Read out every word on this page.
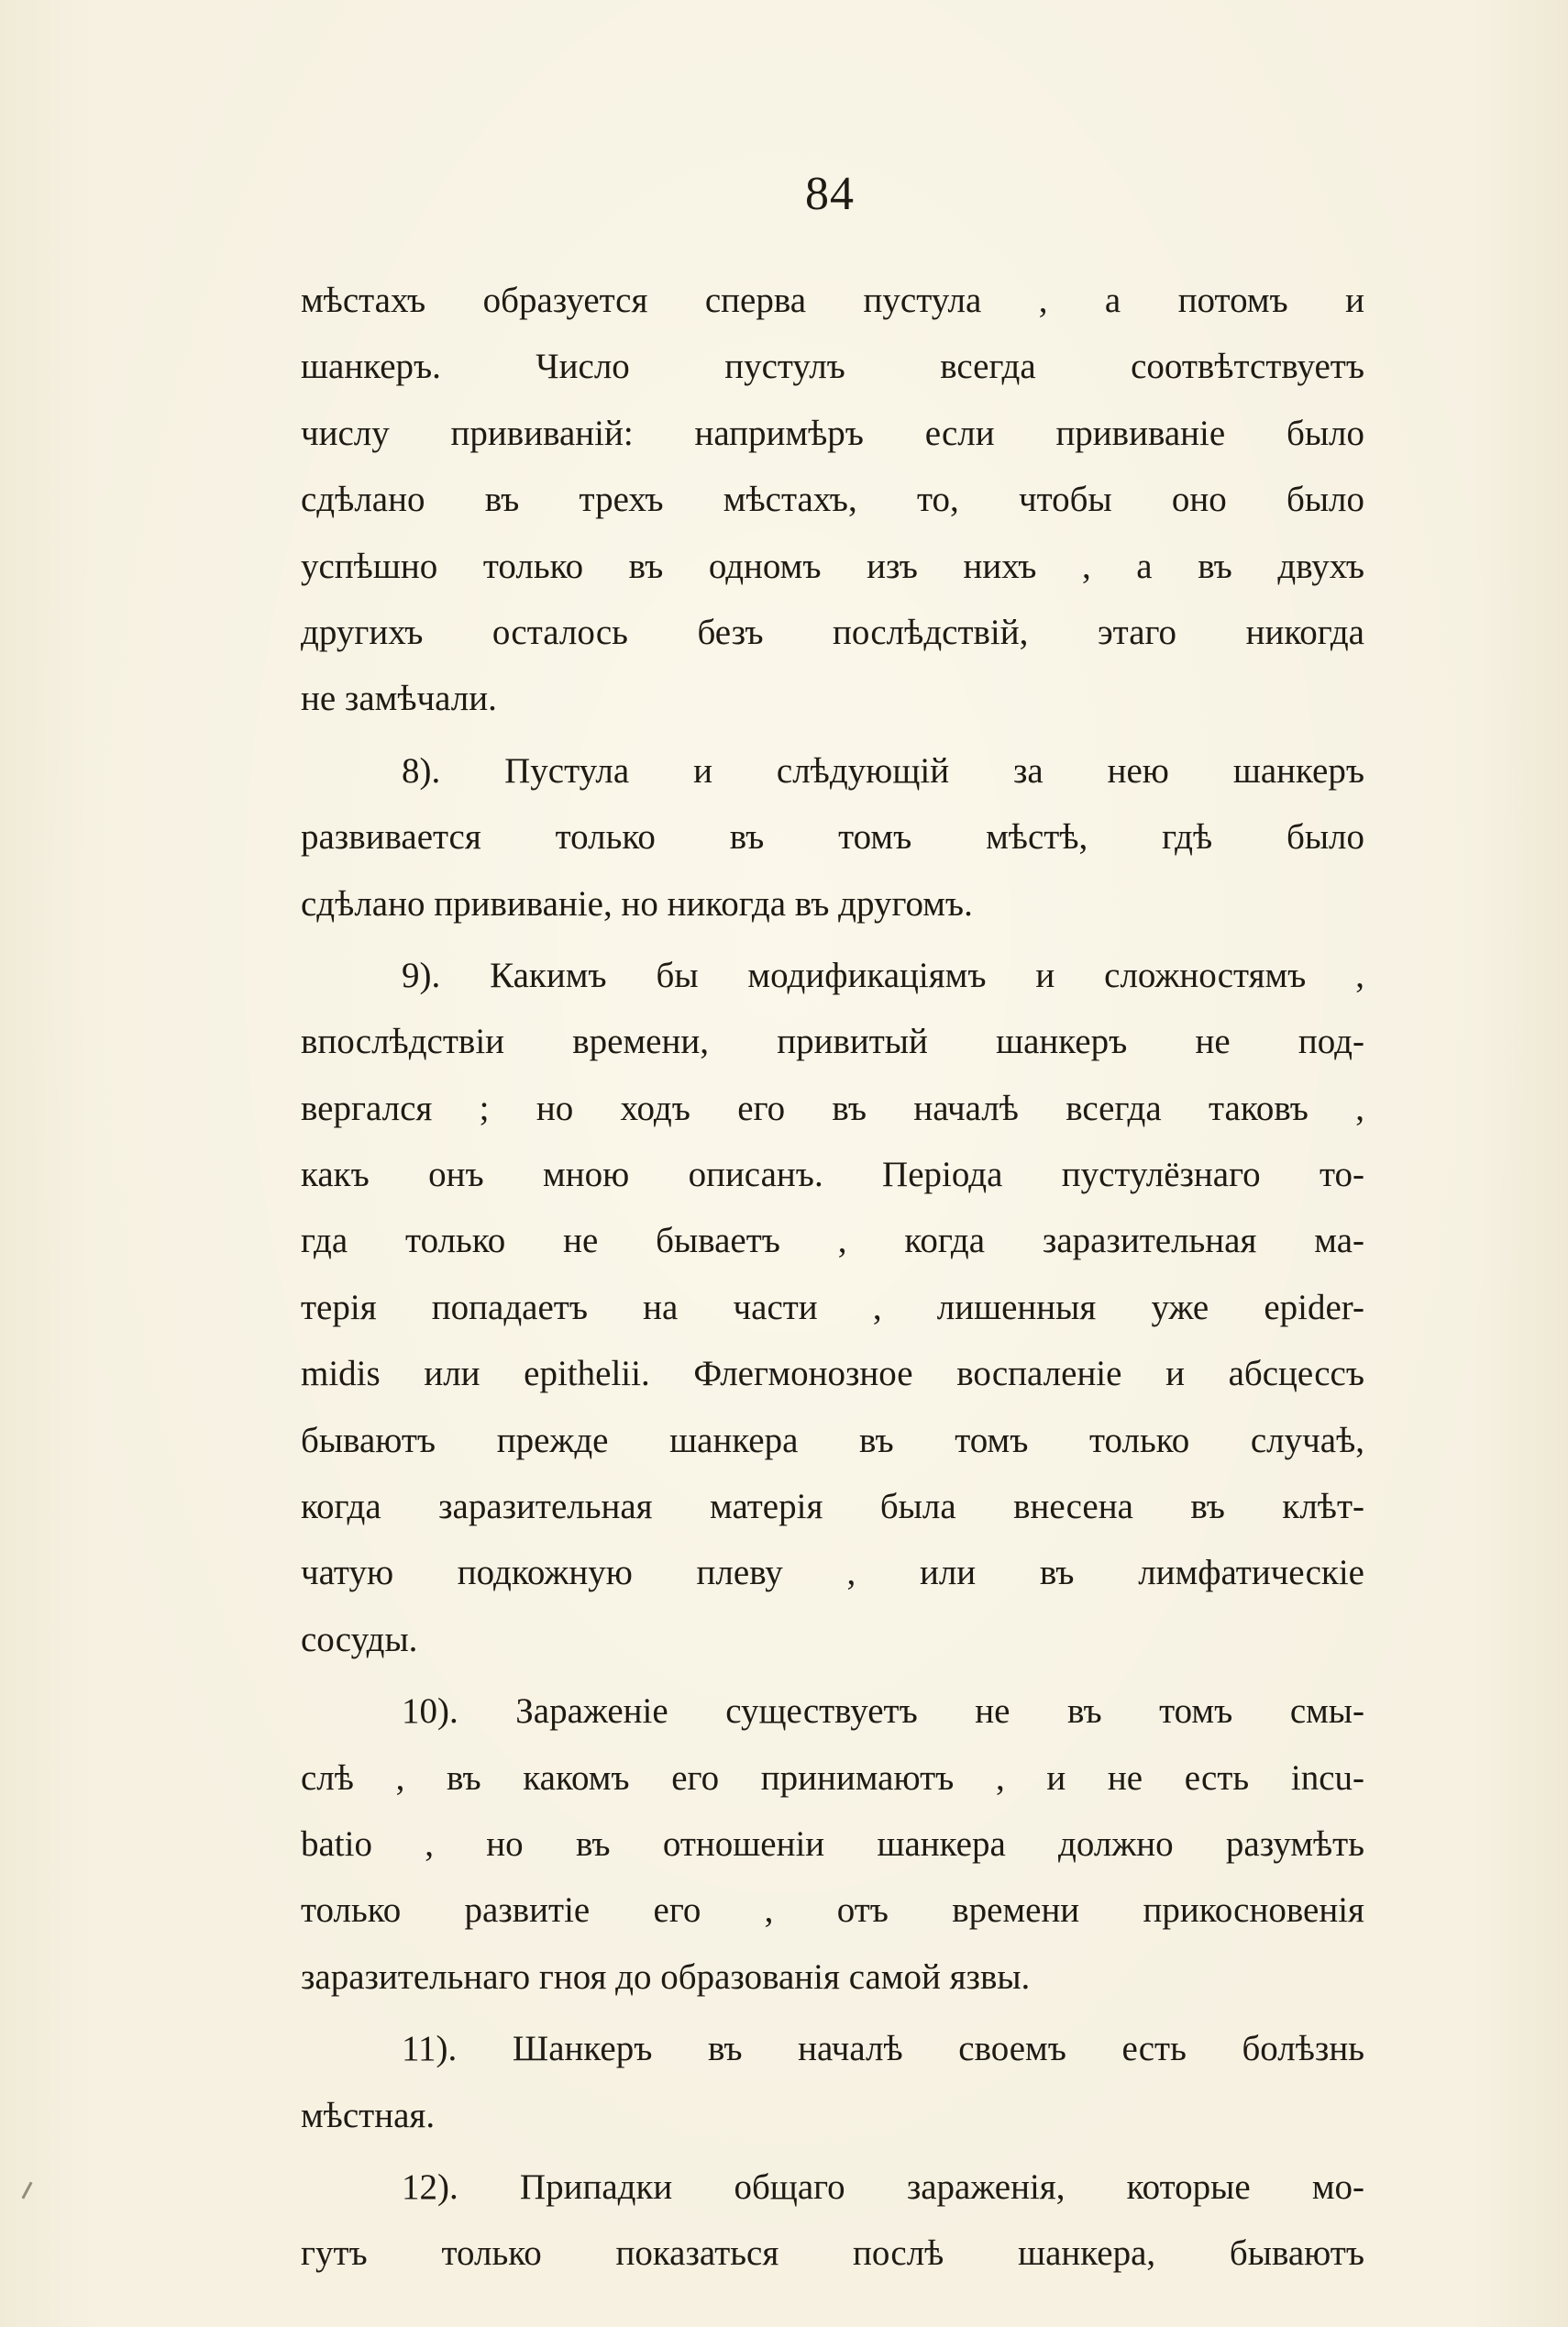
84
мѣстахъ образуется сперва пустула , а потомъ и
шанкеръ. Число пустулъ всегда соотвѣтствуетъ
числу прививаній: напримѣръ если прививаніе было
сдѣлано въ трехъ мѣстахъ, то, чтобы оно было
успѣшно только въ одномъ изъ нихъ , а въ двухъ
другихъ осталось безъ послѣдствій, этаго никогда
не замѣчали.
8). Пустула и слѣдующій за нею шанкеръ
развивается только въ томъ мѣстѣ, гдѣ было
сдѣлано прививаніе, но никогда въ другомъ.
9). Какимъ бы модификаціямъ и сложностямъ ,
впослѣдствіи времени, привитый шанкеръ не под-
вергался ; но ходъ его въ началѣ всегда таковъ ,
какъ онъ мною описанъ. Періода пустулёзнаго то-
гда только не бываетъ , когда заразительная ма-
терія попадаетъ на части , лишенныя уже epider-
midis или epithelii. Флегмонозное воспаленіе и абсцессъ
бываютъ прежде шанкера въ томъ только случаѣ,
когда заразительная матерія была внесена въ клѣт-
чатую подкожную плеву , или въ лимфатическіе
сосуды.
10). Зараженіе существуетъ не въ томъ смы-
слѣ , въ какомъ его принимаютъ , и не есть incu-
batio , но въ отношеніи шанкера должно разумѣть
только развитіе его , отъ времени прикосновенія
заразительнаго гноя до образованія самой язвы.
11). Шанкеръ въ началѣ своемъ есть болѣзнь
мѣстная.
12). Припадки общаго зараженія, которые мо-
гутъ только показаться послѣ шанкера, бываютъ
